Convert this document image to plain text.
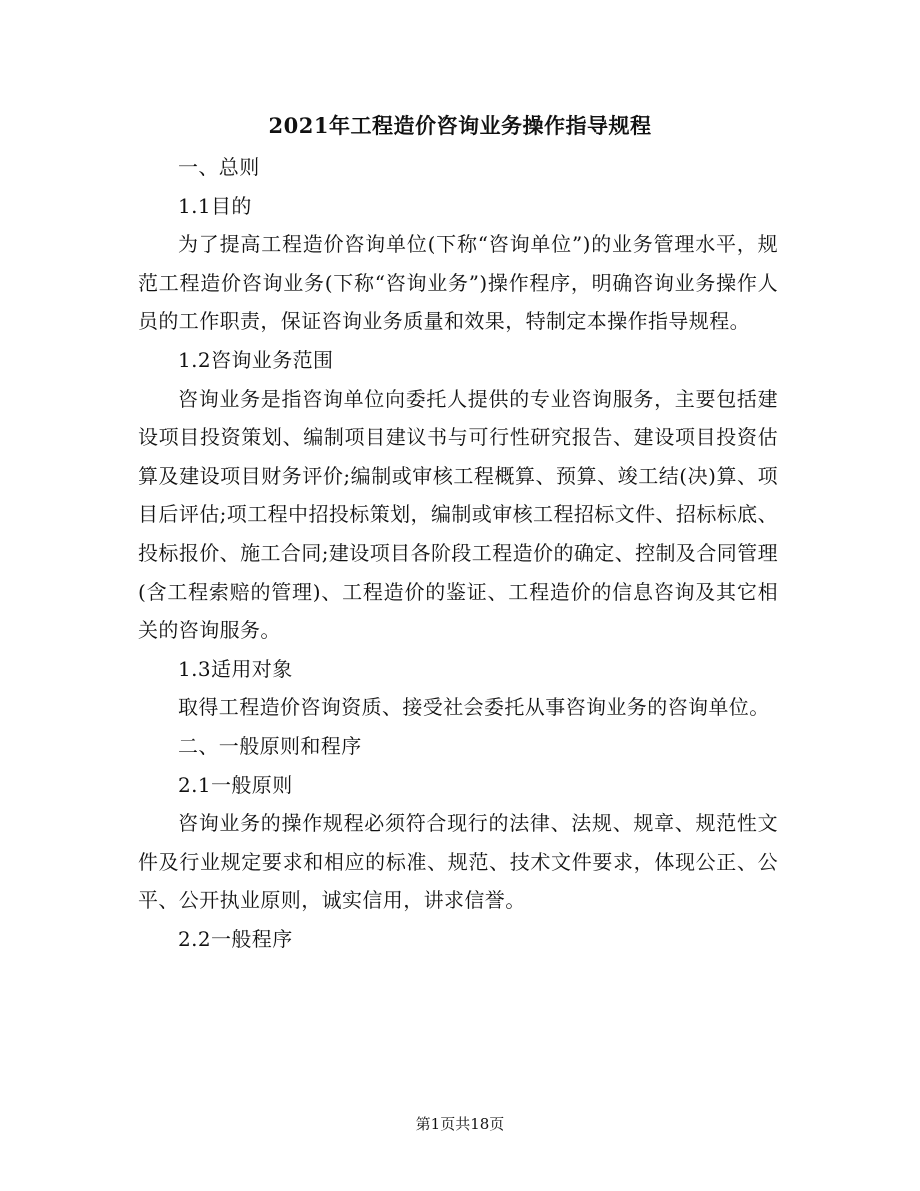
2021年工程造价咨询业务操作指导规程

一、总则

1.1目的

为了提高工程造价咨询单位(下称“咨询单位”)的业务管理水平，规范工程造价咨询业务(下称“咨询业务”)操作程序，明确咨询业务操作人员的工作职责，保证咨询业务质量和效果，特制定本操作指导规程。

1.2咨询业务范围

咨询业务是指咨询单位向委托人提供的专业咨询服务，主要包括建设项目投资策划、编制项目建议书与可行性研究报告、建设项目投资估算及建设项目财务评价;编制或审核工程概算、预算、竣工结(决)算、项目后评估;项工程中招投标策划，编制或审核工程招标文件、招标标底、投标报价、施工合同;建设项目各阶段工程造价的确定、控制及合同管理(含工程索赔的管理)、工程造价的鉴证、工程造价的信息咨询及其它相关的咨询服务。

1.3适用对象

取得工程造价咨询资质、接受社会委托从事咨询业务的咨询单位。

二、一般原则和程序

2.1一般原则

咨询业务的操作规程必须符合现行的法律、法规、规章、规范性文件及行业规定要求和相应的标准、规范、技术文件要求，体现公正、公平、公开执业原则，诚实信用，讲求信誉。

2.2一般程序

第1页共18页
